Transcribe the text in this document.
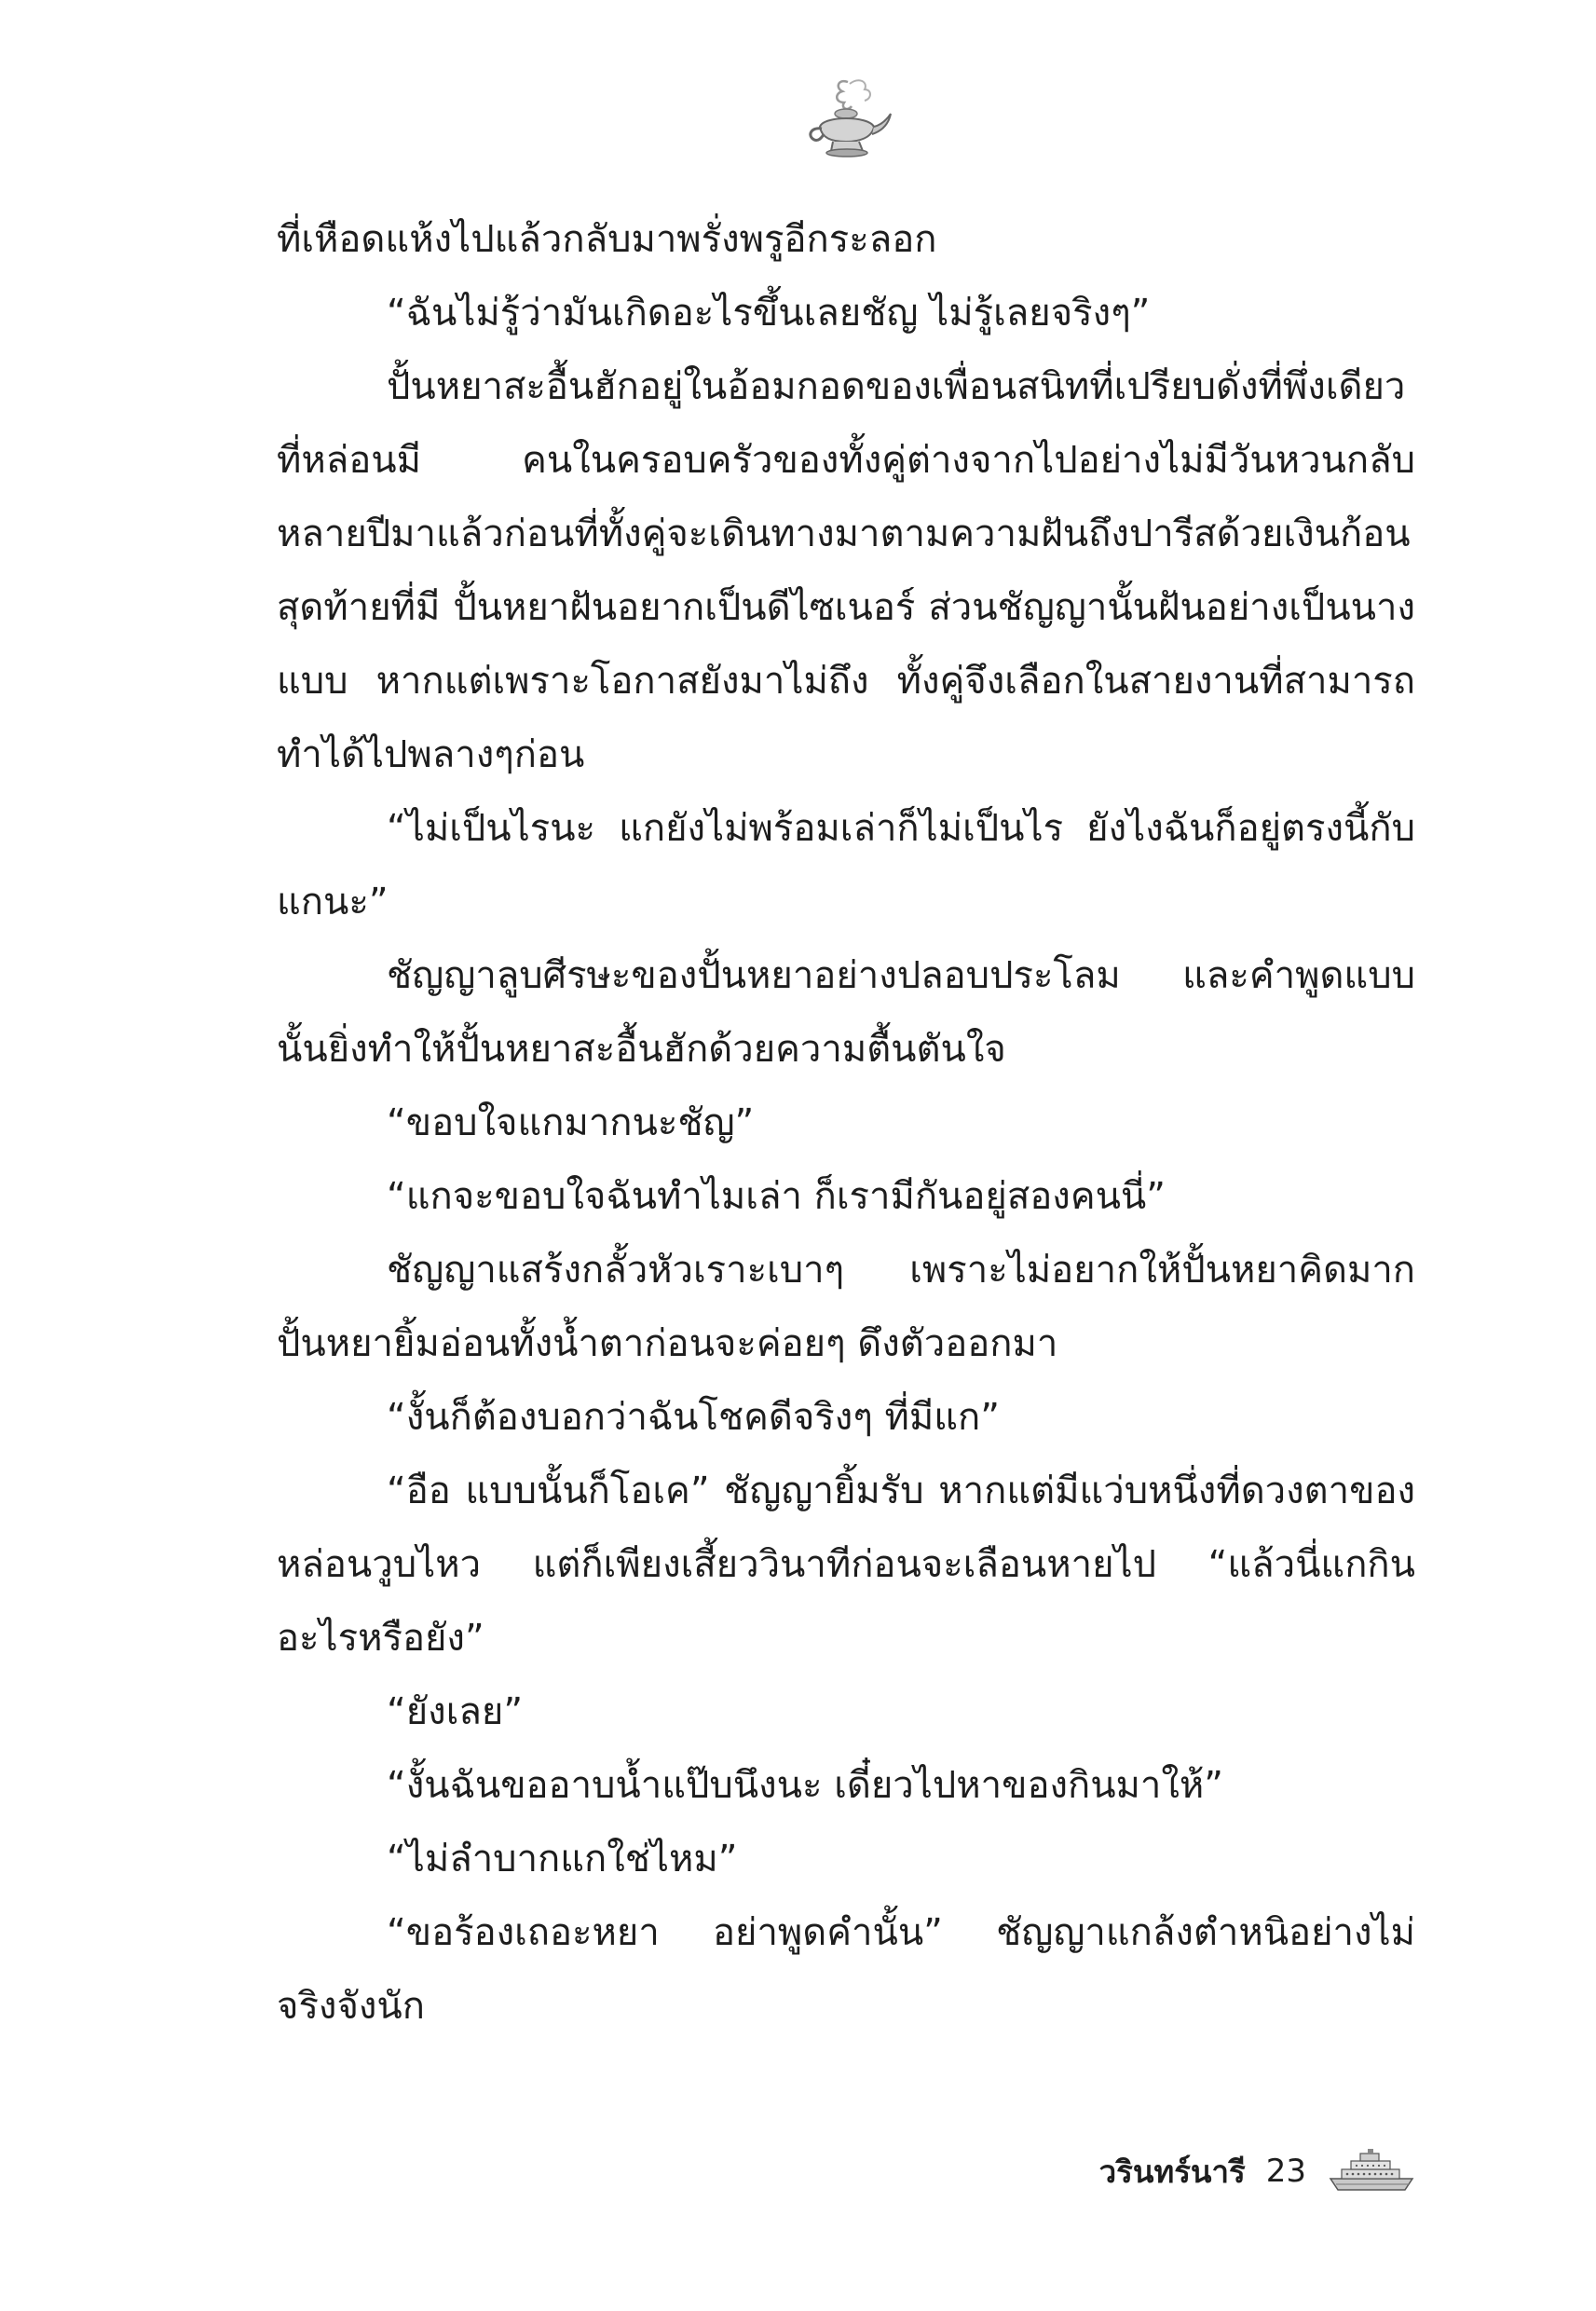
ที่เหือดแห้งไปแล้วกลับมาพรั่งพรูอีกระลอก

“ฉันไม่รู้ว่ามันเกิดอะไรขึ้นเลยชัญ ไม่รู้เลยจริงๆ”

ปั้นหยาสะอื้นฮักอยู่ในอ้อมกอดของเพื่อนสนิทที่เปรียบดั่งที่พึ่งเดียวที่หล่อนมี คนในครอบครัวของทั้งคู่ต่างจากไปอย่างไม่มีวันหวนกลับหลายปีมาแล้วก่อนที่ทั้งคู่จะเดินทางมาตามความฝันถึงปารีสด้วยเงินก้อนสุดท้ายที่มี ปั้นหยาฝันอยากเป็นดีไซเนอร์ ส่วนชัญญานั้นฝันอย่างเป็นนางแบบ หากแต่เพราะโอกาสยังมาไม่ถึง ทั้งคู่จึงเลือกในสายงานที่สามารถทำได้ไปพลางๆก่อน

“ไม่เป็นไรนะ แกยังไม่พร้อมเล่าก็ไม่เป็นไร ยังไงฉันก็อยู่ตรงนี้กับแกนะ”

ชัญญาลูบศีรษะของปั้นหยาอย่างปลอบประโลม และคำพูดแบบนั้นยิ่งทำให้ปั้นหยาสะอื้นฮักด้วยความตื้นตันใจ

“ขอบใจแกมากนะชัญ”

“แกจะขอบใจฉันทำไมเล่า ก็เรามีกันอยู่สองคนนี่”

ชัญญาแสร้งกลั้วหัวเราะเบาๆ เพราะไม่อยากให้ปั้นหยาคิดมาก ปั้นหยายิ้มอ่อนทั้งน้ำตาก่อนจะค่อยๆ ดึงตัวออกมา

“งั้นก็ต้องบอกว่าฉันโชคดีจริงๆ ที่มีแก”

“อือ แบบนั้นก็โอเค” ชัญญายิ้มรับ หากแต่มีแว่บหนึ่งที่ดวงตาของหล่อนวูบไหว แต่ก็เพียงเสี้ยววินาทีก่อนจะเลือนหายไป “แล้วนี่แกกินอะไรหรือยัง”

“ยังเลย”

“งั้นฉันขออาบน้ำแป๊บนึงนะ เดี๋ยวไปหาของกินมาให้”

“ไม่ลำบากแกใช่ไหม”

“ขอร้องเถอะหยา อย่าพูดคำนั้น” ชัญญาแกล้งตำหนิอย่างไม่จริงจังนัก

วรินทร์นารี 23
